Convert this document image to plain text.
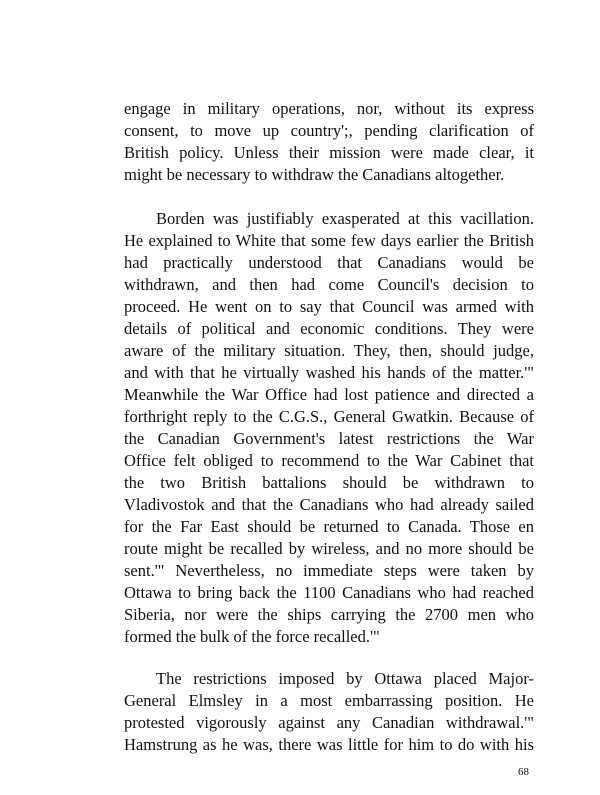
engage in military operations, nor, without its express
consent, to move up country';, pending clarification of
British policy. Unless their mission were made clear, it
might be necessary to withdraw the Canadians altogether.
Borden was justifiably exasperated at this vacillation.
He explained to White that some few days earlier the British
had practically understood that Canadians would be
withdrawn, and then had come Council's decision to
proceed. He went on to say that Council was armed with
details of political and economic conditions. They were
aware of the military situation. They, then, should judge,
and with that he virtually washed his hands of the matter.'"
Meanwhile the War Office had lost patience and directed a
forthright reply to the C.G.S., General Gwatkin. Because of
the Canadian Government's latest restrictions the War
Office felt obliged to recommend to the War Cabinet that
the two British battalions should be withdrawn to
Vladivostok and that the Canadians who had already sailed
for the Far East should be returned to Canada. Those en
route might be recalled by wireless, and no more should be
sent.'" Nevertheless, no immediate steps were taken by
Ottawa to bring back the 1100 Canadians who had reached
Siberia, nor were the ships carrying the 2700 men who
formed the bulk of the force recalled.'"
The restrictions imposed by Ottawa placed Major-
General Elmsley in a most embarrassing position. He
protested vigorously against any Canadian withdrawal.'"
Hamstrung as he was, there was little for him to do with his
68
